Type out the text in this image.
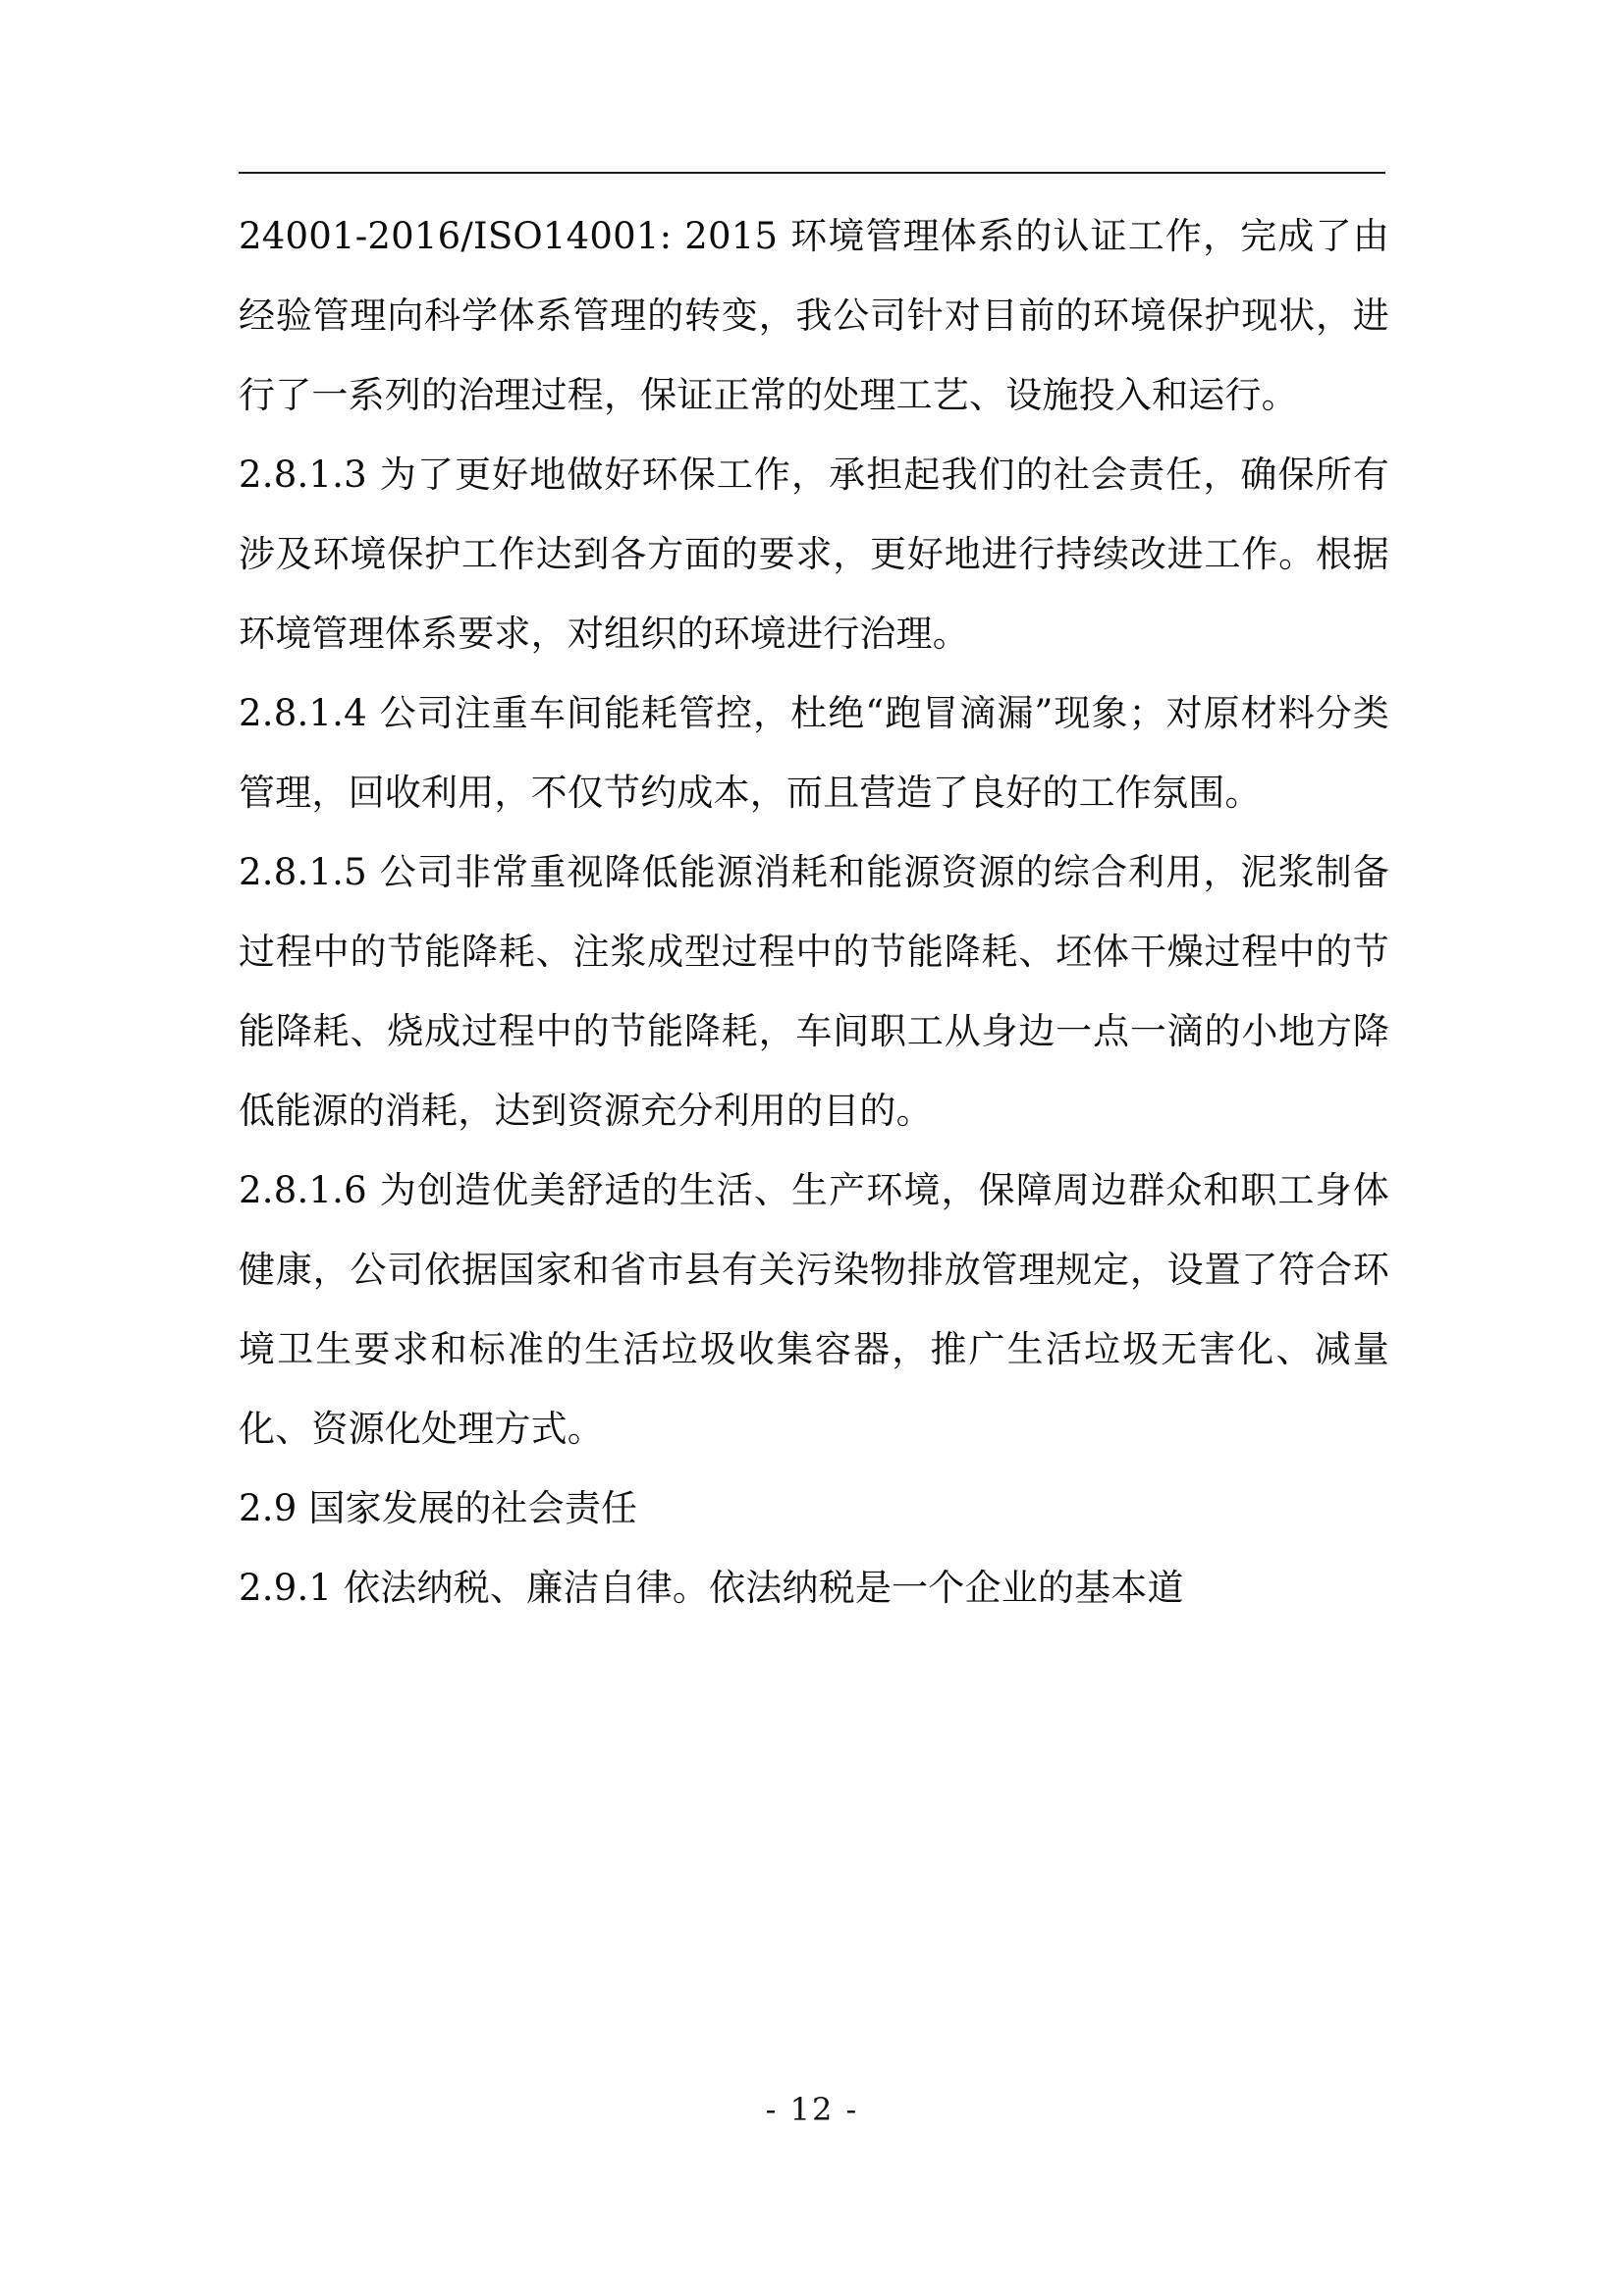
24001-2016/ISO14001: 2015 环境管理体系的认证工作，完成了由经验管理向科学体系管理的转变，我公司针对目前的环境保护现状，进行了一系列的治理过程，保证正常的处理工艺、设施投入和运行。

2.8.1.3 为了更好地做好环保工作，承担起我们的社会责任，确保所有涉及环境保护工作达到各方面的要求，更好地进行持续改进工作。根据环境管理体系要求，对组织的环境进行治理。

2.8.1.4 公司注重车间能耗管控，杜绝“跑冒滴漏”现象；对原材料分类管理，回收利用，不仅节约成本，而且营造了良好的工作氛围。

2.8.1.5 公司非常重视降低能源消耗和能源资源的综合利用，泥浆制备过程中的节能降耗、注浆成型过程中的节能降耗、坯体干燥过程中的节能降耗、烧成过程中的节能降耗，车间职工从身边一点一滴的小地方降低能源的消耗，达到资源充分利用的目的。

2.8.1.6 为创造优美舒适的生活、生产环境，保障周边群众和职工身体健康，公司依据国家和省市县有关污染物排放管理规定，设置了符合环境卫生要求和标准的生活垃圾收集容器，推广生活垃圾无害化、减量化、资源化处理方式。

2.9 国家发展的社会责任

2.9.1 依法纳税、廉洁自律。依法纳税是一个企业的基本道

- 12 -
